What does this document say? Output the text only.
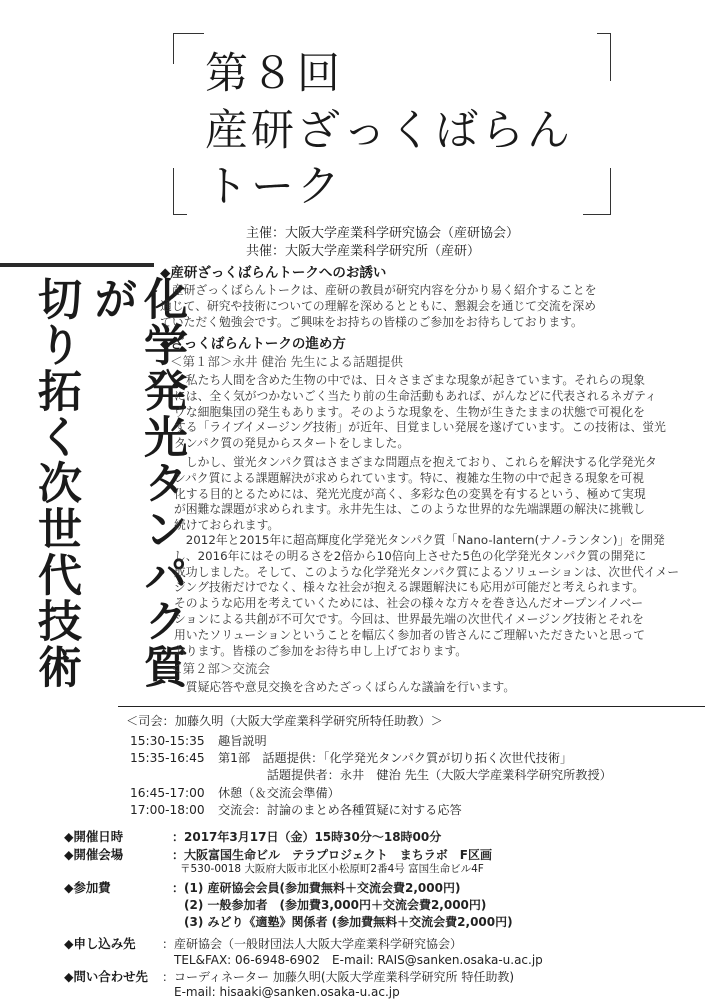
第８回
産研ざっくばらん
トーク
主催：大阪大学産業科学研究協会（産研協会）
共催：大阪大学産業科学研究所（産研）
化学発光タンパク質が
切り拓く次世代技術
◆産研ざっくばらんトークへのお誘い

　産研ざっくばらんトークは、産研の教員が研究内容を分かり易く紹介することを

通じて、研究や技術についての理解を深めるとともに、懇親会を通じて交流を深め

ていただく勉強会です。ご興味をお持ちの皆様のご参加をお待ちしております。

◆ざっくばらんトークの進め方
＜第１部＞永井 健治 先生による話題提供

　私たち人間を含めた生物の中では、日々さまざまな現象が起きています。それらの現象

には、全く気がつかないごく当たり前の生命活動もあれば、がんなどに代表されるネガティ

ヴな細胞集団の発生もあります。そのような現象を、生物が生きたままの状態で可視化を

する「ライブイメージング技術」が近年、目覚ましい発展を遂げています。この技術は、蛍光

タンパク質の発見からスタートをしました。

　しかし、蛍光タンパク質はさまざまな問題点を抱えており、これらを解決する化学発光タ

ンパク質による課題解決が求められています。特に、複雑な生物の中で起きる現象を可視

化する目的とるためには、発光光度が高く、多彩な色の変異を有するという、極めて実現

が困難な課題が求められます。永井先生は、このような世界的な先端課題の解決に挑戦し

続けておられます。

　2012年と2015年に超高輝度化学発光タンパク質「Nano-lantern(ナノ-ランタン)」を開発

し、2016年にはその明るさを2倍から10倍向上させた5色の化学発光タンパク質の開発に

成功しました。そして、このような化学発光タンパク質によるソリューションは、次世代イメー

ジング技術だけでなく、様々な社会が抱える課題解決にも応用が可能だと考えられます。

そのような応用を考えていくためには、社会の様々な方々を巻き込んだオープンイノベー

ションによる共創が不可欠です。今回は、世界最先端の次世代イメージング技術とそれを

用いたソリューションということを幅広く参加者の皆さんにご理解いただきたいと思って

おります。皆様のご参加をお待ち申し上げております。

＜第２部＞交流会
　質疑応答や意見交換を含めたざっくばらんな議論を行います。
＜司会：加藤久明（大阪大学産業科学研究所特任助教）＞
15:30-15:35 趣旨説明
15:35-16:45 第1部　話題提供：「化学発光タンパク質が切り拓く次世代技術」
　　　　話題提供者：永井　健治 先生（大阪大学産業科学研究所教授）
16:45-17:00 休憩（＆交流会準備）
17:00-18:00 交流会：討論のまとめ各種質疑に対する応答
◆開催日時	：2017年3月17日（金）15時30分～18時00分
◆開催会場	：大阪富国生命ビル　テラプロジェクト　まちラボ　F区画
〒530-0018 大阪府大阪市北区小松原町2番4号 富国生命ビル4F
◆参加費	：(1) 産研協会会員(参加費無料＋交流会費2,000円)
　(2) 一般参加者　(参加費3,000円＋交流会費2,000円)
　(3) みどり《適塾》関係者 (参加費無料＋交流会費2,000円)
◆申し込み先 ：産研協会（一般財団法人大阪大学産業科学研究協会）
　TEL&FAX: 06-6948-6902　E-mail: RAIS@sanken.osaka-u.ac.jp
◆問い合わせ先 ：コーディネーター 加藤久明(大阪大学産業科学研究所 特任助教)
　E-mail: hisaaki@sanken.osaka-u.ac.jp
